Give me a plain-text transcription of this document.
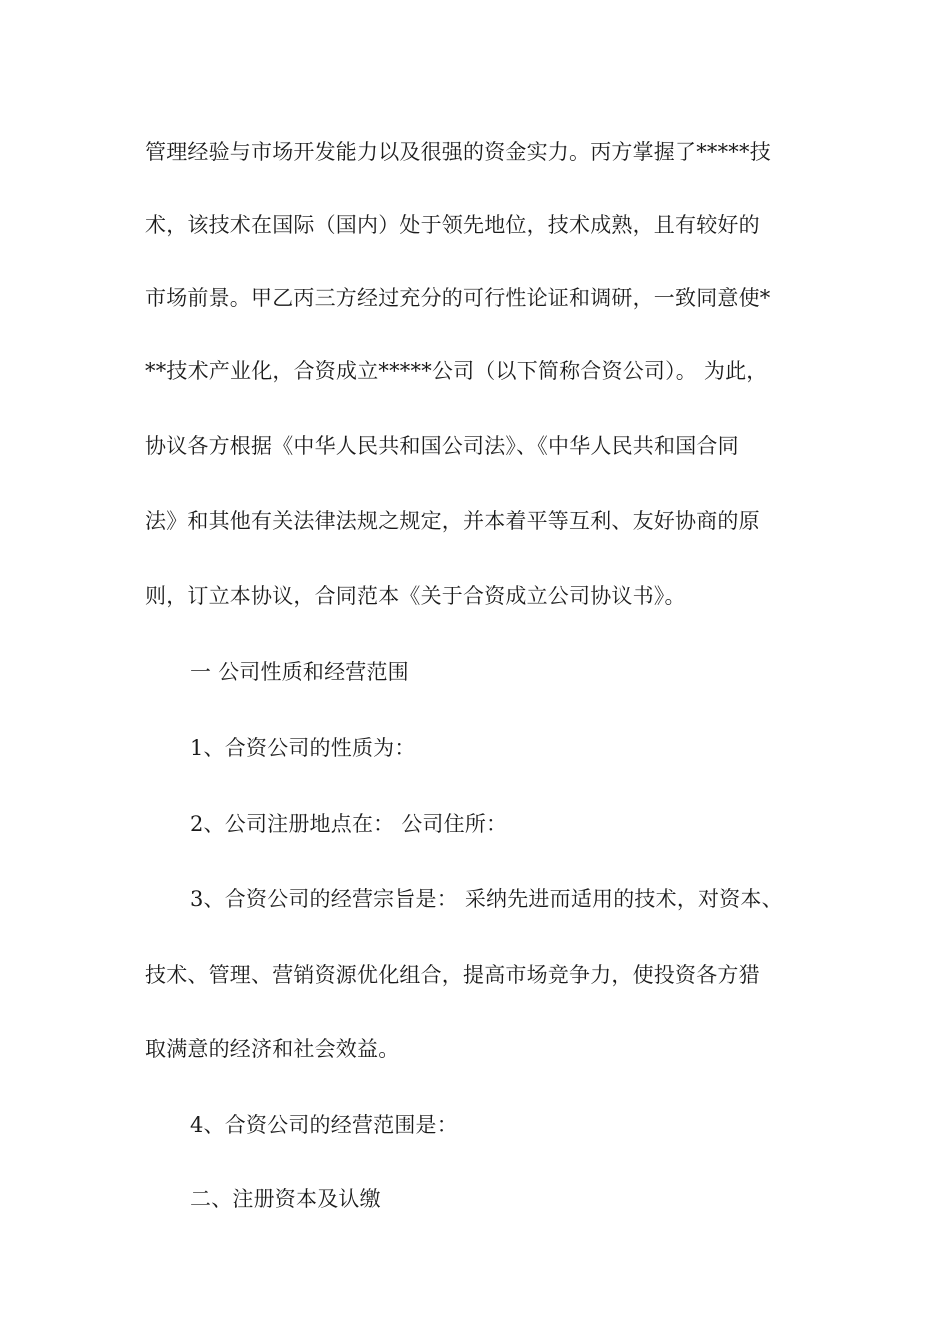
管理经验与市场开发能力以及很强的资金实力。丙方掌握了*****技
术，该技术在国际（国内）处于领先地位，技术成熟，且有较好的
市场前景。甲乙丙三方经过充分的可行性论证和调研，一致同意使*
**技术产业化，合资成立*****公司（以下简称合资公司）。 为此，
协议各方根据《中华人民共和国公司法》、《中华人民共和国合同
法》和其他有关法律法规之规定，并本着平等互利、友好协商的原
则，订立本协议，合同范本《关于合资成立公司协议书》。
一 公司性质和经营范围
1、合资公司的性质为：
2、公司注册地点在： 公司住所：
3、合资公司的经营宗旨是： 采纳先进而适用的技术，对资本、
技术、管理、营销资源优化组合，提高市场竞争力，使投资各方猎
取满意的经济和社会效益。
4、合资公司的经营范围是：
二、注册资本及认缴
